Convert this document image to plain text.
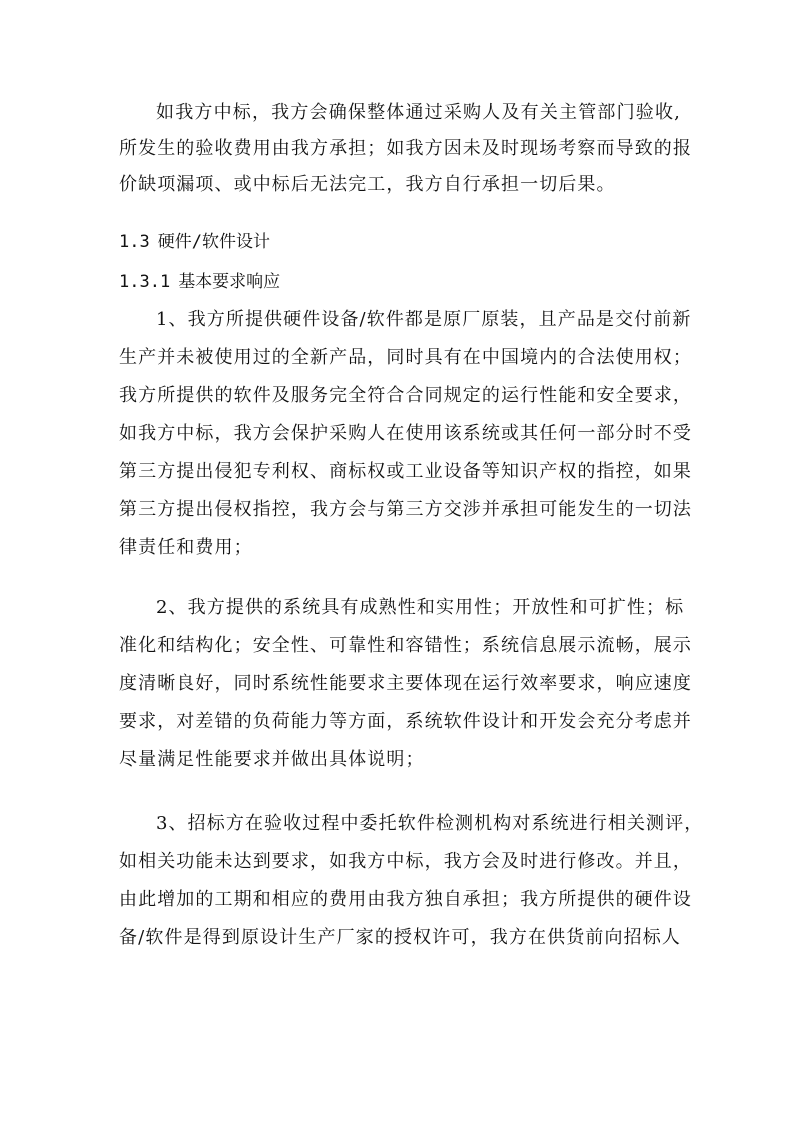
如我方中标，我方会确保整体通过采购人及有关主管部门验收,
所发生的验收费用由我方承担；如我方因未及时现场考察而导致的报
价缺项漏项、或中标后无法完工，我方自行承担一切后果。
1.3 硬件/软件设计
1.3.1 基本要求响应
1、我方所提供硬件设备/软件都是原厂原装，且产品是交付前新
生产并未被使用过的全新产品，同时具有在中国境内的合法使用权；
我方所提供的软件及服务完全符合合同规定的运行性能和安全要求，
如我方中标，我方会保护采购人在使用该系统或其任何一部分时不受
第三方提出侵犯专利权、商标权或工业设备等知识产权的指控，如果
第三方提出侵权指控，我方会与第三方交涉并承担可能发生的一切法
律责任和费用；
2、我方提供的系统具有成熟性和实用性；开放性和可扩性；标
准化和结构化；安全性、可靠性和容错性；系统信息展示流畅，展示
度清晰良好，同时系统性能要求主要体现在运行效率要求，响应速度
要求，对差错的负荷能力等方面，系统软件设计和开发会充分考虑并
尽量满足性能要求并做出具体说明；
3、招标方在验收过程中委托软件检测机构对系统进行相关测评，
如相关功能未达到要求，如我方中标，我方会及时进行修改。并且，
由此增加的工期和相应的费用由我方独自承担；我方所提供的硬件设
备/软件是得到原设计生产厂家的授权许可，我方在供货前向招标人
